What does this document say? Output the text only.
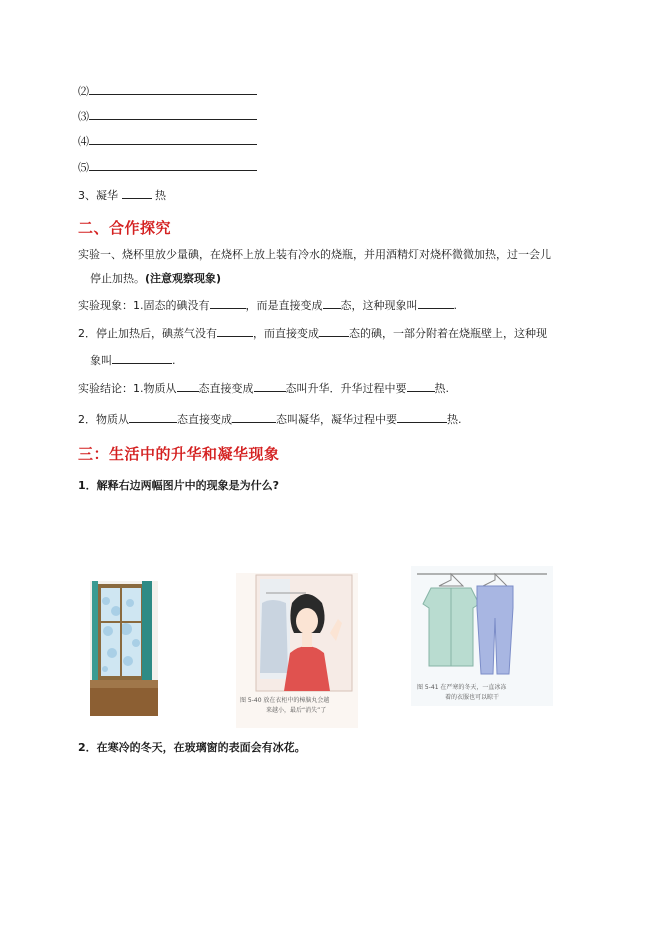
⑵
⑶
⑷
⑸
3、凝华	热
二、合作探究
实验一、烧杯里放少量碘，在烧杯上放上装有冷水的烧瓶，并用酒精灯对烧杯微微加热，过一会儿
停止加热。(注意观察现象)
实验现象：1.固态的碘没有	，而是直接变成 态，这种现象叫	.
2．停止加热后，碘蒸气没有	，而直接变成	态的碘，一部分附着在烧瓶壁上，这种现
象叫	.
实验结论：1.物质从 态直接变成	态叫升华．升华过程中要	热.
2．物质从	态直接变成	态叫凝华，凝华过程中要	热.
三：生活中的升华和凝华现象
1．解释右边两幅图片中的现象是为什么?
图 5-40 放在衣柜中的樟脑丸会越
来越小，最后“消失”了
图 5-41 在严寒的冬天，一直冰冻
着的衣服也可以晾干
2．在寒冷的冬天，在玻璃窗的表面会有冰花。
